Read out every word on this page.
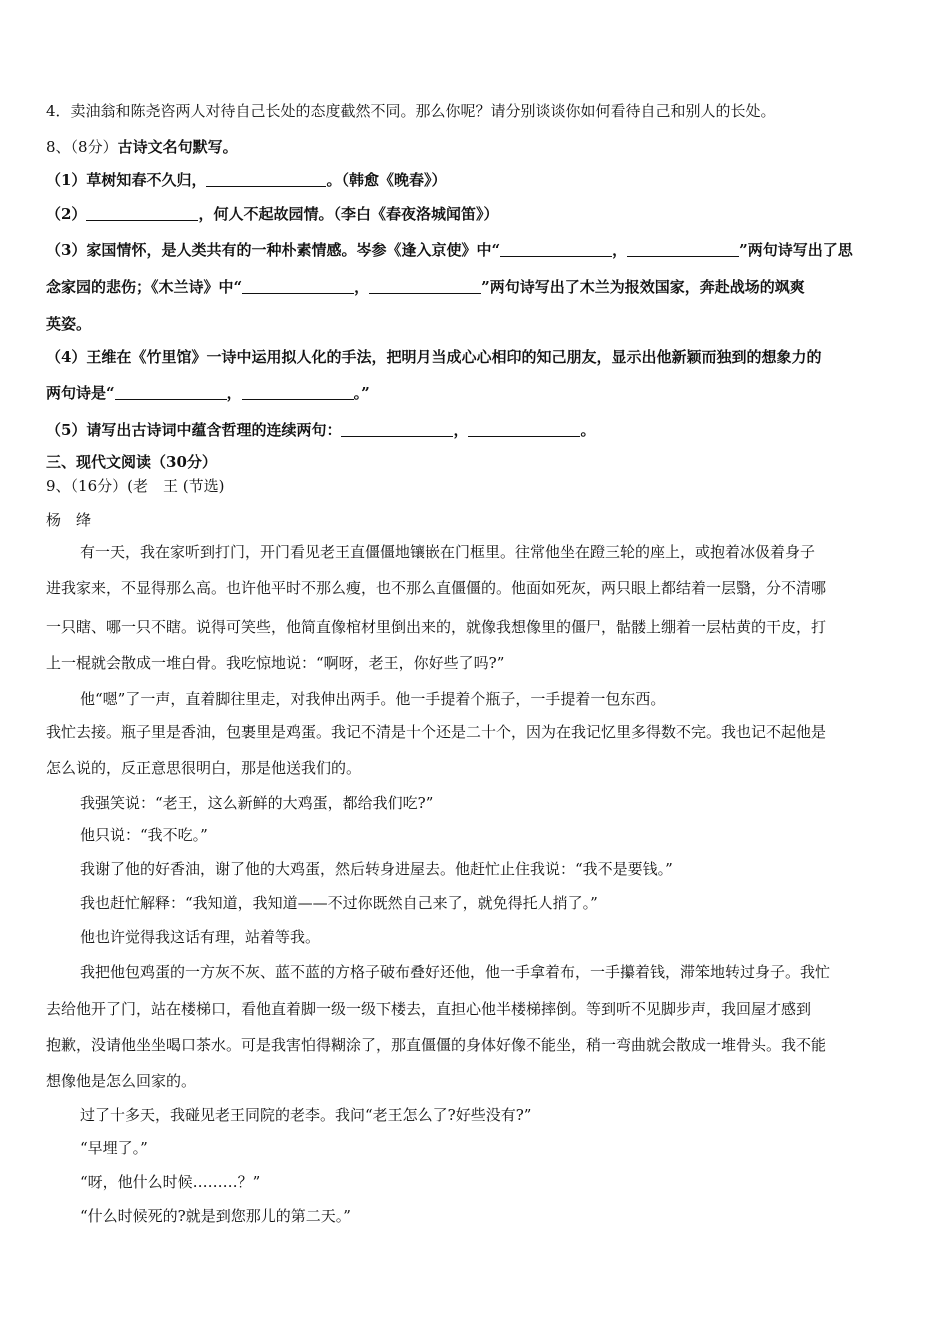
4．卖油翁和陈尧咨两人对待自己长处的态度截然不同。那么你呢？请分别谈谈你如何看待自己和别人的长处。
8、（8分）古诗文名句默写。
（1）草树知春不久归，	。（韩愈《晚春》）
（2）	，何人不起故园情。（李白《春夜洛城闻笛》）
（3）家国情怀，是人类共有的一种朴素情感。岑参《逢入京使》中“	，	”两句诗写出了思
念家园的悲伤；《木兰诗》中“	，	”两句诗写出了木兰为报效国家，奔赴战场的飒爽
英姿。
（4）王维在《竹里馆》一诗中运用拟人化的手法，把明月当成心心相印的知己朋友，显示出他新颖而独到的想象力的
两句诗是“	，	。”
（5）请写出古诗词中蕴含哲理的连续两句：	，	。
三、现代文阅读（30分）
9、（16分）(老　王 (节选)
杨　绛
有一天，我在家听到打门，开门看见老王直僵僵地镶嵌在门框里。往常他坐在蹬三轮的座上，或抱着冰伋着身子
进我家来，不显得那么高。也许他平时不那么瘦，也不那么直僵僵的。他面如死灰，两只眼上都结着一层翳，分不清哪
一只瞎、哪一只不瞎。说得可笑些，他简直像棺材里倒出来的，就像我想像里的僵尸，骷髅上绷着一层枯黄的干皮，打
上一棍就会散成一堆白骨。我吃惊地说：“啊呀，老王，你好些了吗?”
他“嗯”了一声，直着脚往里走，对我伸出两手。他一手提着个瓶子，一手提着一包东西。
我忙去接。瓶子里是香油，包裹里是鸡蛋。我记不清是十个还是二十个，因为在我记忆里多得数不完。我也记不起他是
怎么说的，反正意思很明白，那是他送我们的。
我强笑说：“老王，这么新鲜的大鸡蛋，都给我们吃?”
他只说：“我不吃。”
我谢了他的好香油，谢了他的大鸡蛋，然后转身进屋去。他赶忙止住我说：“我不是要钱。”
我也赶忙解释：“我知道，我知道——不过你既然自己来了，就免得托人捎了。”
他也许觉得我这话有理，站着等我。
我把他包鸡蛋的一方灰不灰、蓝不蓝的方格子破布叠好还他，他一手拿着布，一手攥着钱，滞笨地转过身子。我忙
去给他开了门，站在楼梯口，看他直着脚一级一级下楼去，直担心他半楼梯摔倒。等到听不见脚步声，我回屋才感到
抱歉，没请他坐坐喝口茶水。可是我害怕得糊涂了，那直僵僵的身体好像不能坐，稍一弯曲就会散成一堆骨头。我不能
想像他是怎么回家的。
过了十多天，我碰见老王同院的老李。我问“老王怎么了?好些没有?”
“早埋了。”
“呀，他什么时候………？”
“什么时候死的?就是到您那儿的第二天。”
